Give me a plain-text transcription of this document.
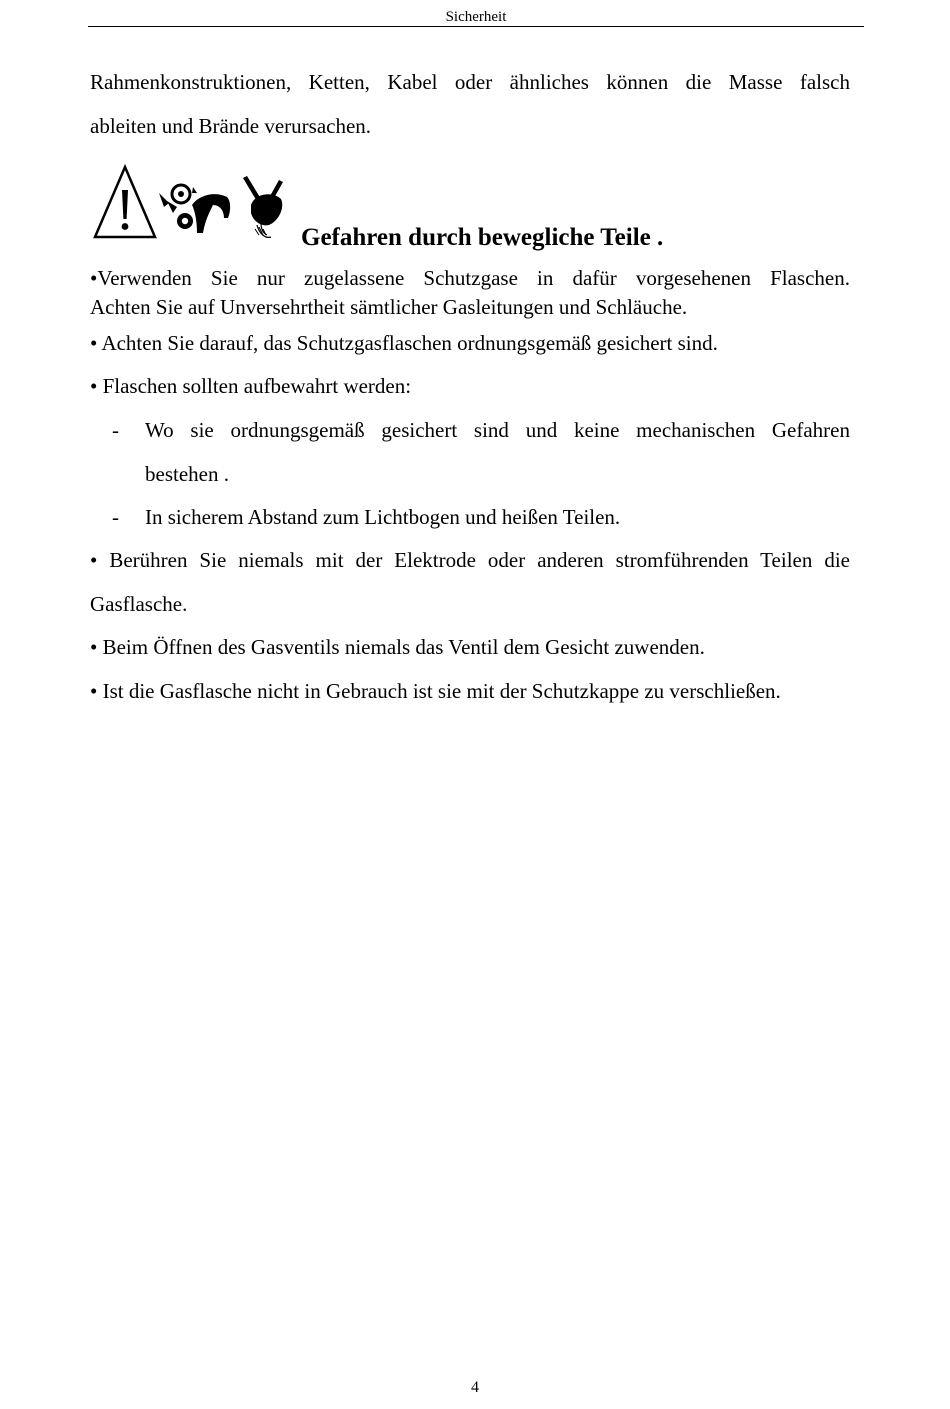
Sicherheit

Rahmenkonstruktionen, Ketten, Kabel oder ähnliches können die Masse falsch

ableiten und Brände verursachen.

Gefahren durch bewegliche Teile .

•Verwenden Sie nur zugelassene Schutzgase in dafür vorgesehenen Flaschen.

Achten Sie auf Unversehrtheit sämtlicher Gasleitungen und Schläuche.

• Achten Sie darauf, das Schutzgasflaschen ordnungsgemäß gesichert sind.

• Flaschen sollten aufbewahrt werden:

- Wo sie ordnungsgemäß gesichert sind und keine mechanischen Gefahren
bestehen .
- In sicherem Abstand zum Lichtbogen und heißen Teilen.

• Berühren Sie niemals mit der Elektrode oder anderen stromführenden Teilen die

Gasflasche.

• Beim Öffnen des Gasventils niemals das Ventil dem Gesicht zuwenden.

• Ist die Gasflasche nicht in Gebrauch ist sie mit der Schutzkappe zu verschließen.

4
